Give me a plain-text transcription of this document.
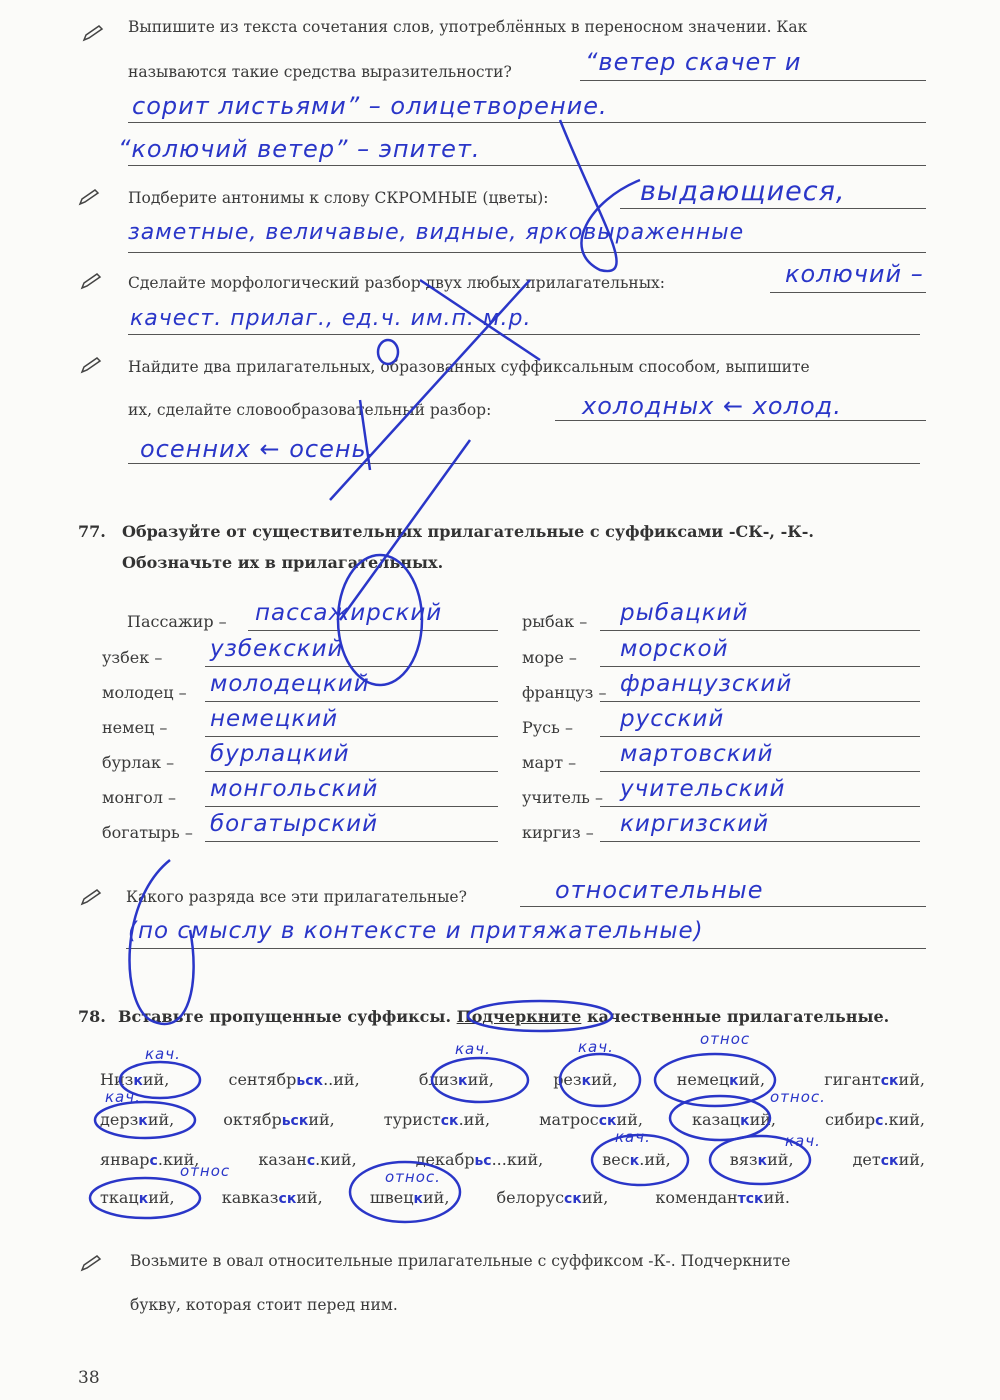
Выпишите из текста сочетания слов, употреблённых в переносном значении. Как
называются такие средства выразительности?	“ветер скачет и
сорит листьями” – олицетворение.
“колючий ветер” – эпитет.
Подберите антонимы к слову СКРОМНЫЕ (цветы):	выдающиеся,
заметные, величавые, видные, ярковыраженные
Сделайте морфологический разбор двух любых прилагательных:	колючий –
качест. прилаг., ед.ч. им.п. м.р.
Найдите два прилагательных, образованных суффиксальным способом, выпишите
их, сделайте словообразовательный разбор:	холодных ← холод.
осенних ← осень.
77. Образуйте от существительных прилагательные с суффиксами -СК-, -К-.
Обозначьте их в прилагательных.
Пассажир – пассажирский	рыбак – рыбацкий
узбек – узбекский	море – морской
молодец – молодецкий	француз – французский
немец – немецкий	Русь – русский
бурлак – бурлацкий	март – мартовский
монгол – монгольский	учитель – учительский
богатырь – богатырский	киргиз – киргизский
Какого разряда все эти прилагательные?	относительные
(по смыслу в контексте и притяжательные)
78. Вставьте пропущенные суффиксы. Подчеркните качественные прилагательные.
Низкий,	сентябрьск..ий,	близкий,	резкий,	немецкий,	гигантский,
дерзкий,	октябрьский,	туристск.ий,	матросский,	казацкий,	сибирс.кий,
январс.кий,	казанс.кий,	декабрьс...кий,	веск.ий,	вязкий,	детский,
ткацкий,	кавказский,	швецкий,	белорусский,	комендантский.
кач.	кач.	кач.	относ
кач.	относ.
кач.	кач.
относ	относ.
Возьмите в овал относительные прилагательные с суффиксом -К-. Подчеркните
букву, которая стоит перед ним.
38
